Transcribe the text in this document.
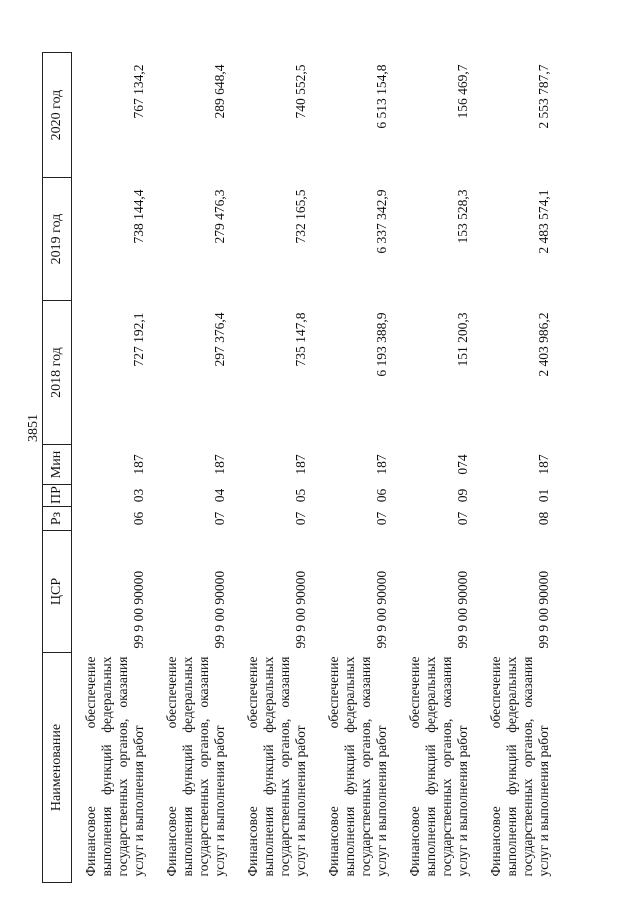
3851
Наименование	ЦСР	Рз	ПР	Мин	2018 год	2019 год	2020 год

Финансовое
обеспечение выполнения функций федеральных государственных органов, оказания услуг и выполнения работ	99 9 00 90000	06	03	187	727 192,1	738 144,4	767 134,2

Финансовое
обеспечение выполнения функций федеральных государственных органов, оказания услуг и выполнения работ	99 9 00 90000	07	04	187	297 376,4	279 476,3	289 648,4

Финансовое
обеспечение выполнения функций федеральных государственных органов, оказания услуг и выполнения работ	99 9 00 90000	07	05	187	735 147,8	732 165,5	740 552,5

Финансовое
обеспечение выполнения функций федеральных государственных органов, оказания услуг и выполнения работ	99 9 00 90000	07	06	187	6 193 388,9	6 337 342,9	6 513 154,8

Финансовое
обеспечение выполнения функций федеральных государственных органов, оказания услуг и выполнения работ	99 9 00 90000	07	09	074	151 200,3	153 528,3	156 469,7

Финансовое
обеспечение выполнения функций федеральных государственных органов, оказания услуг и выполнения работ	99 9 00 90000	08	01	187	2 403 986,2	2 483 574,1	2 553 787,7
